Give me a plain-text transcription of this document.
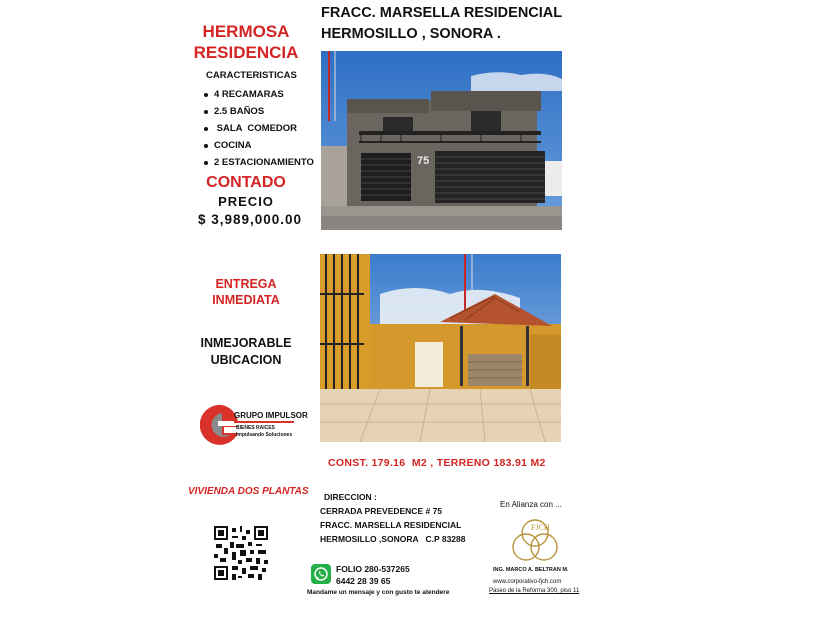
HERMOSA
RESIDENCIA
CARACTERISTICAS
4 RECAMARAS
2.5 BAÑOS
SALA  COMEDOR
COCINA
2 ESTACIONAMIENTO
CONTADO
PRECIO
$ 3,989,000.00
ENTREGA
INMEDIATA
INMEJORABLE
UBICACION
GRUPO IMPULSOR
BIENES RAICES
Impulsando Soluciones
VIVIENDA DOS PLANTAS
FRACC. MARSELLA RESIDENCIAL
HERMOSILLO , SONORA .
75
CONST. 179.16  M2 , TERRENO 183.91 M2
DIRECCION :
CERRADA PREVEDENCE # 75
FRACC. MARSELLA RESIDENCIAL
HERMOSILLO ,SONORA   C.P 83288
FOLIO 280-537265
6442 28 39 65
Mandame un mensaje y con gusto te atendere
En Alianza con ...
FJCH
ING. MARCO A. BELTRAN M.
www.corporativo-fjch.com
Paseo de la Reforma 300, piso 11
